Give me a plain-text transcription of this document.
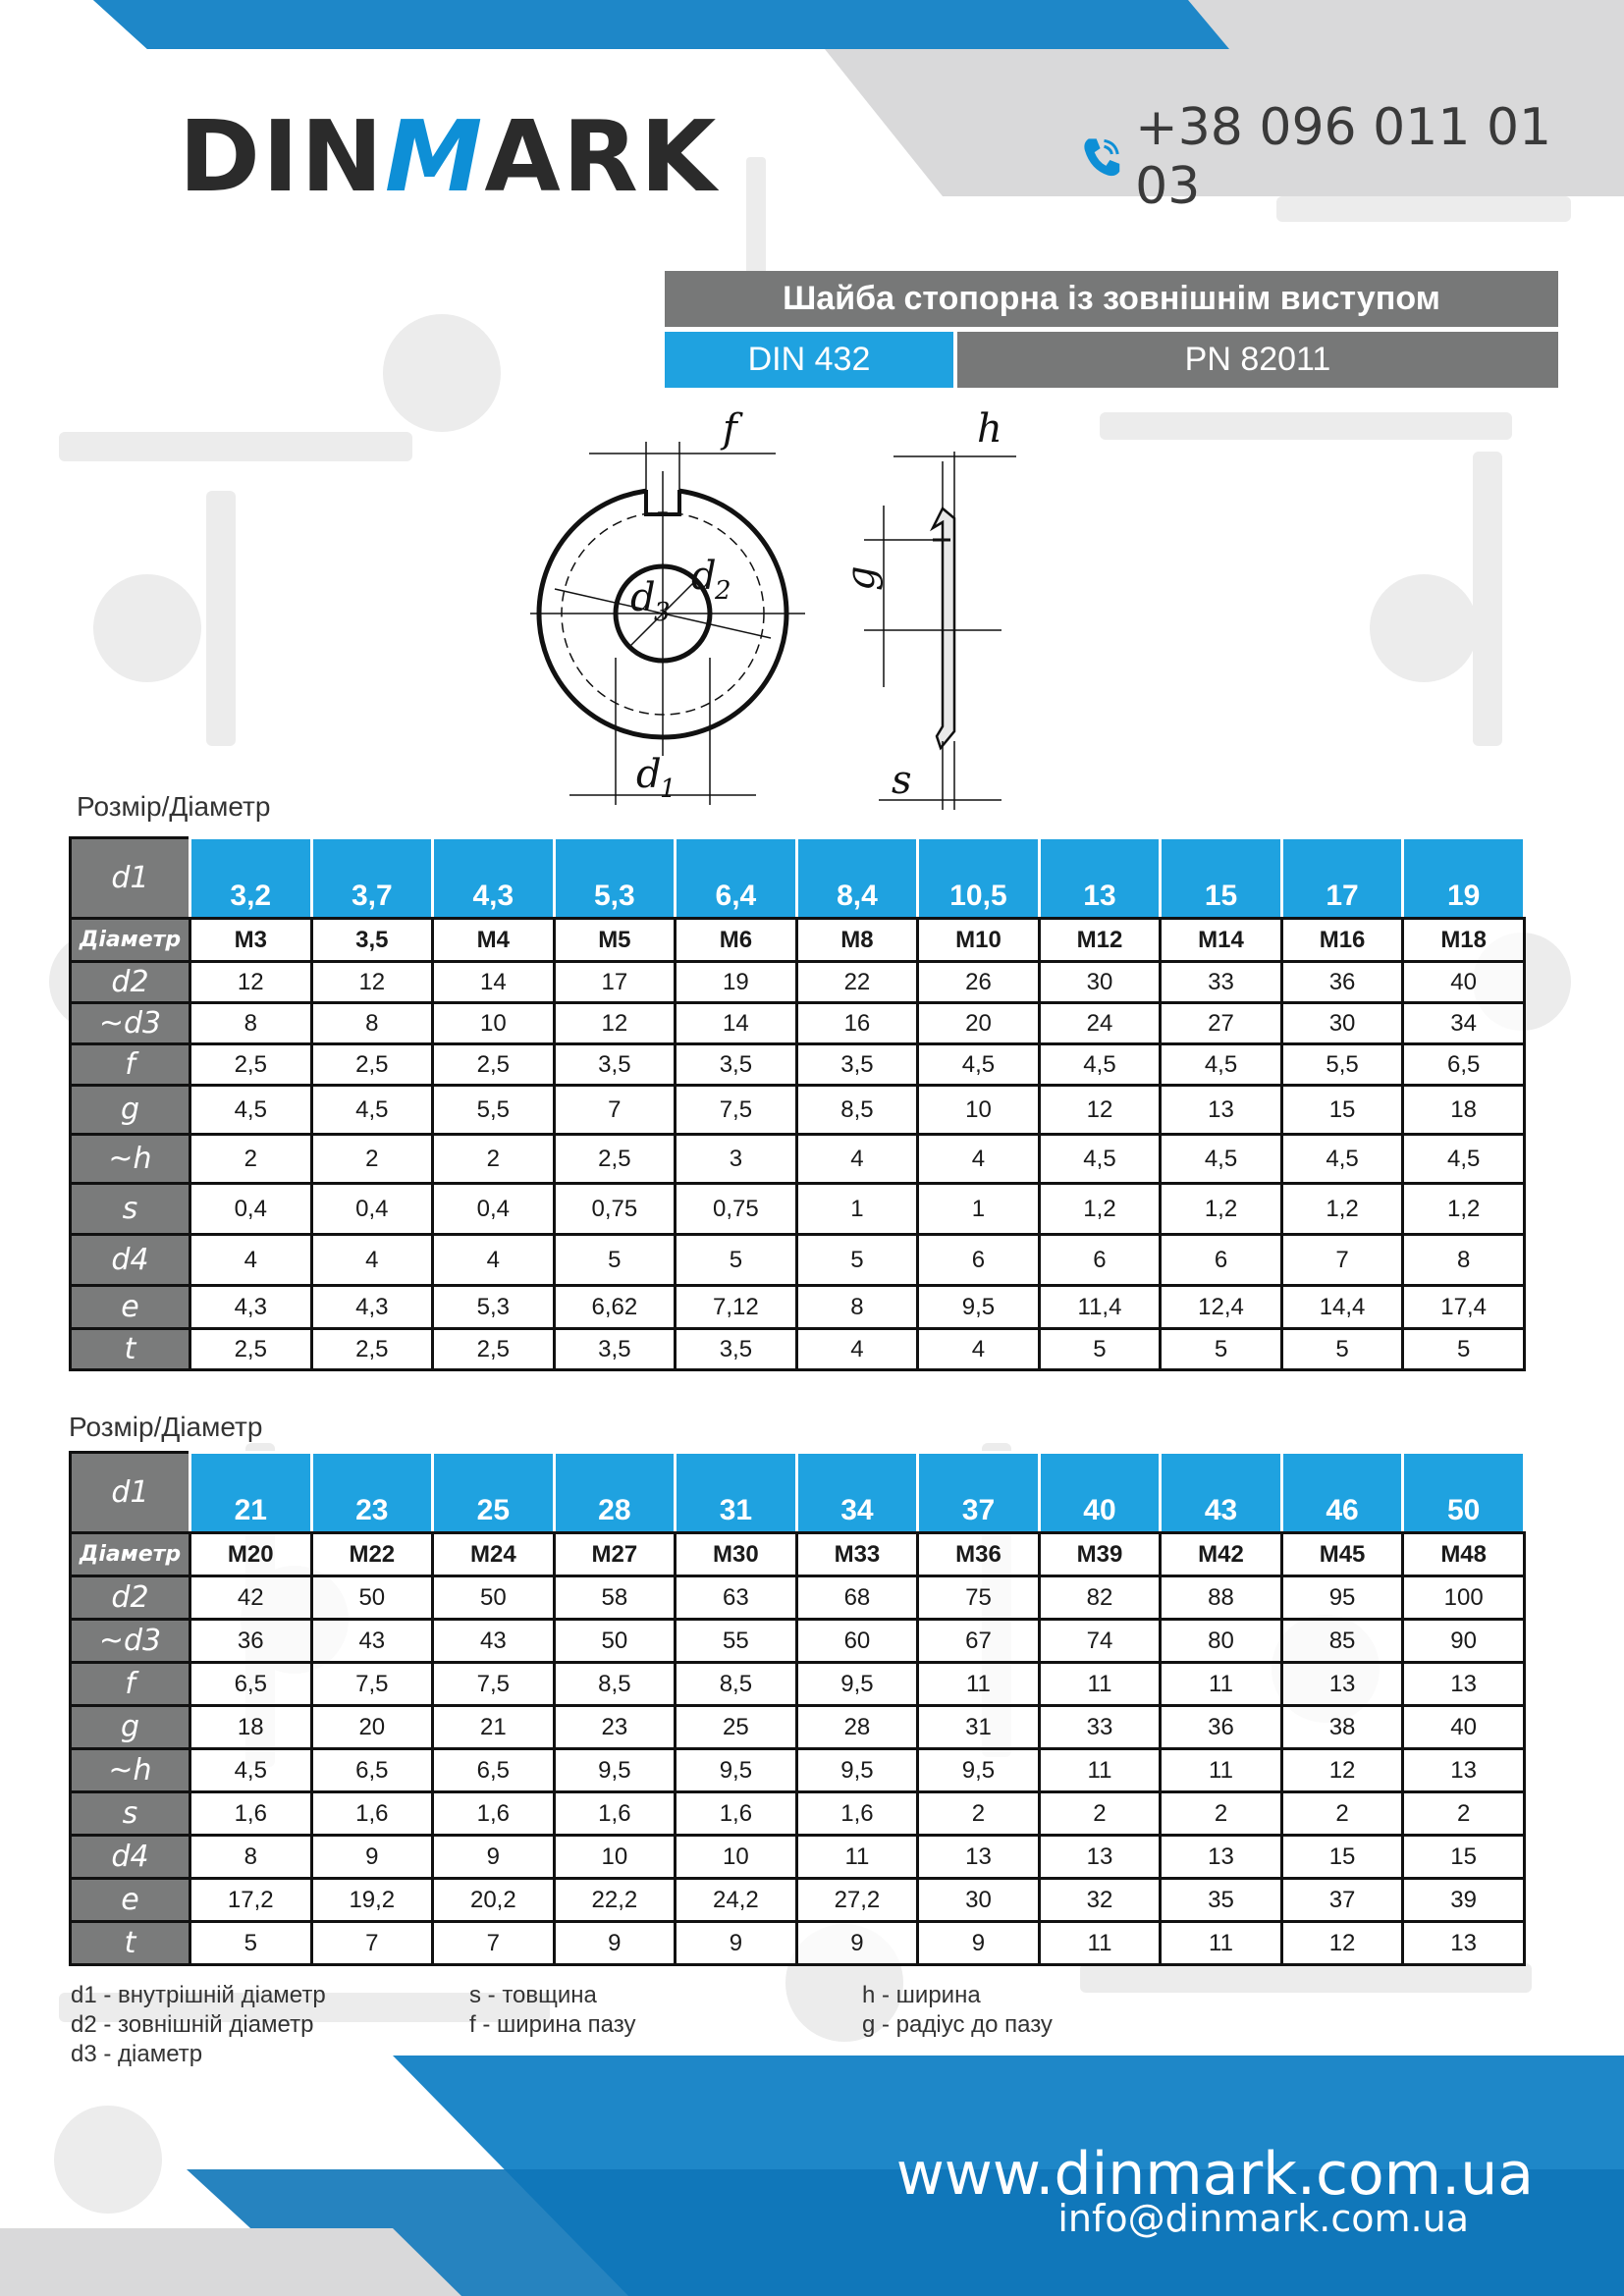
DINMARK	+38 096 011 01 03
Шайба стопорна із зовнішнім виступом
DIN 432	PN 82011
f	h
d
3
d
2
d
1
g
s
Розмір/Діаметр
d1	3,2	3,7	4,3	5,3	6,4	8,4	10,5	13	15	17	19
Діаметр	M3	3,5	M4	M5	M6	M8	M10	M12	M14	M16	M18
d2	12	12	14	17	19	22	26	30	33	36	40
~d3	8	8	10	12	14	16	20	24	27	30	34
f	2,5	2,5	2,5	3,5	3,5	3,5	4,5	4,5	4,5	5,5	6,5
g	4,5	4,5	5,5	7	7,5	8,5	10	12	13	15	18
~h	2	2	2	2,5	3	4	4	4,5	4,5	4,5	4,5
s	0,4	0,4	0,4	0,75	0,75	1	1	1,2	1,2	1,2	1,2
d4	4	4	4	5	5	5	6	6	6	7	8
e	4,3	4,3	5,3	6,62	7,12	8	9,5	11,4	12,4	14,4	17,4
t	2,5	2,5	2,5	3,5	3,5	4	4	5	5	5	5
Розмір/Діаметр
d1	21	23	25	28	31	34	37	40	43	46	50
Діаметр	M20	M22	M24	M27	M30	M33	M36	M39	M42	M45	M48
d2	42	50	50	58	63	68	75	82	88	95	100
~d3	36	43	43	50	55	60	67	74	80	85	90
f	6,5	7,5	7,5	8,5	8,5	9,5	11	11	11	13	13
g	18	20	21	23	25	28	31	33	36	38	40
~h	4,5	6,5	6,5	9,5	9,5	9,5	9,5	11	11	12	13
s	1,6	1,6	1,6	1,6	1,6	1,6	2	2	2	2	2
d4	8	9	9	10	10	11	13	13	13	15	15
e	17,2	19,2	20,2	22,2	24,2	27,2	30	32	35	37	39
t	5	7	7	9	9	9	9	11	11	12	13
d1 - внутрішній діаметр
d2 - зовнішній діаметр
d3 - діаметр
s - товщина
f - ширина пазу
h - ширина
g - радіус до пазу
www.dinmark.com.ua
info@dinmark.com.ua
